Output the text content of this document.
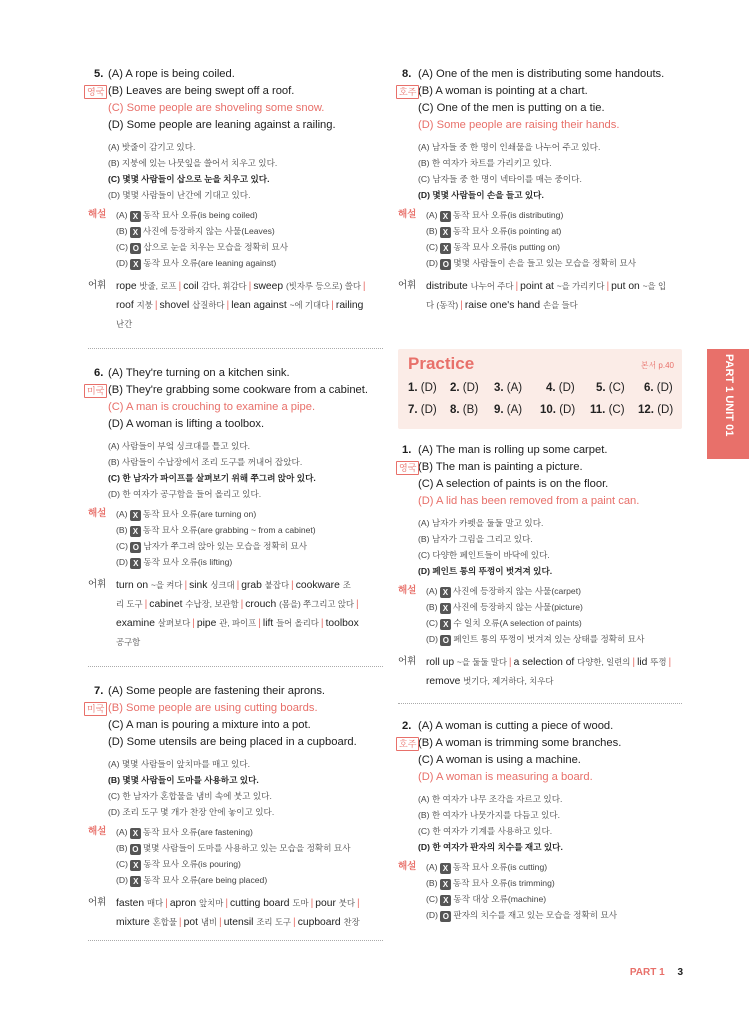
5.
영국
(A) A rope is being coiled.
(B) Leaves are being swept off a roof.
(C) Some people are shoveling some snow.
(D) Some people are leaning against a railing.
(A) 밧줄이 감기고 있다.
(B) 지붕에 있는 나뭇잎을 쓸어서 치우고 있다.
(C) 몇몇 사람들이 삽으로 눈을 치우고 있다.
(D) 몇몇 사람들이 난간에 기대고 있다.
해설	(A) X 동작 묘사 오류(is being coiled)
(B) X 사진에 등장하지 않는 사물(Leaves)
(C) O 삽으로 눈을 치우는 모습을 정확히 묘사
(D) X 동작 묘사 오류(are leaning against)
어휘 rope 밧줄, 로프 | coil 감다, 휘감다 | sweep (빗자루 등으로) 쓸다 |
roof 지붕 | shovel 삽질하다 | lean against ~에 기대다 | railing
난간
6.
미국
(A) They're turning on a kitchen sink.
(B) They're grabbing some cookware from a cabinet.
(C) A man is crouching to examine a pipe.
(D) A woman is lifting a toolbox.
(A) 사람들이 부엌 싱크대를 틀고 있다.
(B) 사람들이 수납장에서 조리 도구를 꺼내어 잡았다.
(C) 한 남자가 파이프를 살펴보기 위해 쭈그려 앉아 있다.
(D) 한 여자가 공구함을 들어 올리고 있다.
해설	(A) X 동작 묘사 오류(are turning on)
(B) X 동작 묘사 오류(are grabbing ~ from a cabinet)
(C) O 남자가 쭈그려 앉아 있는 모습을 정확히 묘사
(D) X 동작 묘사 오류(is lifting)
어휘 turn on ~을 켜다 | sink 싱크대 | grab 붙잡다 | cookware 조
리 도구 | cabinet 수납장, 보관함 | crouch (몸을) 쭈그리고 앉다 |
examine 살펴보다 | pipe 관, 파이프 | lift 들어 올리다 | toolbox
공구함
7.
미국
(A) Some people are fastening their aprons.
(B) Some people are using cutting boards.
(C) A man is pouring a mixture into a pot.
(D) Some utensils are being placed in a cupboard.
(A) 몇몇 사람들이 앞치마를 매고 있다.
(B) 몇몇 사람들이 도마를 사용하고 있다.
(C) 한 남자가 혼합물을 냄비 속에 붓고 있다.
(D) 조리 도구 몇 개가 찬장 안에 놓이고 있다.
해설	(A) X 동작 묘사 오류(are fastening)
(B) O 몇몇 사람들이 도마를 사용하고 있는 모습을 정확히 묘사
(C) X 동작 묘사 오류(is pouring)
(D) X 동작 묘사 오류(are being placed)
어휘 fasten 매다 | apron 앞치마 | cutting board 도마 | pour 붓다 |
mixture 혼합물 | pot 냄비 | utensil 조리 도구 | cupboard 찬장
8.
호주
(A) One of the men is distributing some handouts.
(B) A woman is pointing at a chart.
(C) One of the men is putting on a tie.
(D) Some people are raising their hands.
(A) 남자들 중 한 명이 인쇄물을 나누어 주고 있다.
(B) 한 여자가 차트를 가리키고 있다.
(C) 남자들 중 한 명이 넥타이를 매는 중이다.
(D) 몇몇 사람들이 손을 들고 있다.
해설	(A) X 동작 묘사 오류(is distributing)
(B) X 동작 묘사 오류(is pointing at)
(C) X 동작 묘사 오류(is putting on)
(D) O 몇몇 사람들이 손을 들고 있는 모습을 정확히 묘사
어휘 distribute 나누어 주다 | point at ~을 가리키다 | put on ~을 입
다 (동작) | raise one's hand 손을 들다
Practice	본서 p.40
1. (D) 2. (D) 3. (A) 4. (D) 5. (C) 6. (D)
7. (D) 8. (B) 9. (A) 10. (D) 11. (C) 12. (D)
1.
영국
(A) The man is rolling up some carpet.
(B) The man is painting a picture.
(C) A selection of paints is on the floor.
(D) A lid has been removed from a paint can.
(A) 남자가 카펫을 둘둘 말고 있다.
(B) 남자가 그림을 그리고 있다.
(C) 다양한 페인트들이 바닥에 있다.
(D) 페인트 통의 뚜껑이 벗겨져 있다.
해설	(A) X 사진에 등장하지 않는 사물(carpet)
(B) X 사진에 등장하지 않는 사물(picture)
(C) X 수 일치 오류(A selection of paints)
(D) O 페인트 통의 뚜껑이 벗겨져 있는 상태를 정확히 묘사
어휘 roll up ~을 둘둘 말다 | a selection of 다양한, 일련의 | lid 뚜껑 |
remove 벗기다, 제거하다, 치우다
2.
호주
(A) A woman is cutting a piece of wood.
(B) A woman is trimming some branches.
(C) A woman is using a machine.
(D) A woman is measuring a board.
(A) 한 여자가 나무 조각을 자르고 있다.
(B) 한 여자가 나뭇가지를 다듬고 있다.
(C) 한 여자가 기계를 사용하고 있다.
(D) 한 여자가 판자의 치수를 재고 있다.
해설	(A) X 동작 묘사 오류(is cutting)
(B) X 동작 묘사 오류(is trimming)
(C) X 동작 대상 오류(machine)
(D) O 판자의 치수를 재고 있는 모습을 정확히 묘사
PART 1 UNIT 01
PART 1 3
